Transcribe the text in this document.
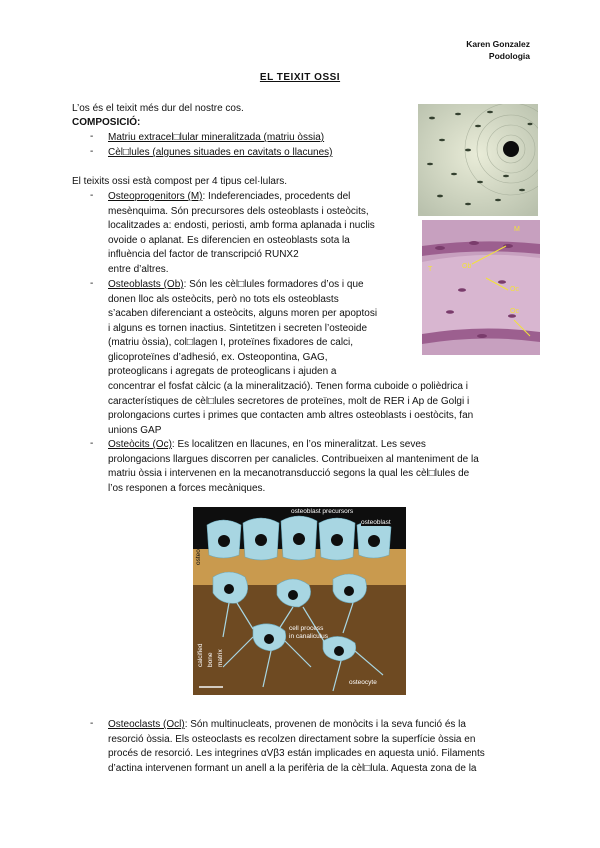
Karen Gonzalez
Podologia
EL TEIXIT OSSI
L’os és el teixit més dur del nostre cos.
COMPOSICIÓ:
- Matriu extracel□lular mineralitzada (matriu òssia)
- Cèl□lules (algunes situades en cavitats o llacunes)
El teixits ossi està compost per 4 tipus cel·lulars.
- Osteoprogenitors (M): Indeferenciades, procedents del
mesènquima. Són precursores dels osteoblasts i osteòcits,
localitzades a: endosti, periosti, amb forma aplanada i nuclis
ovoide o aplanat. Es diferencien en osteoblasts sota la
influència del factor de transcripció RUNX2
entre d’altres.
- Osteoblasts (Ob): Són les cèl□lules formadores d’os i que
donen lloc als osteòcits, però no tots els osteoblasts
s’acaben diferenciant a osteòcits, alguns moren per apoptosi
i alguns es tornen inactius. Sintetitzen i secreten l’osteoide
(matriu òssia), col□lagen I, proteïnes fixadores de calci,
glicoproteïnes d’adhesió, ex. Osteopontina, GAG,
proteoglicans i agregats de proteoglicans i ajuden a
concentrar el fosfat càlcic (a la mineralització). Tenen forma cuboide o polièdrica i
característiques de cèl□lules secretores de proteïnes, molt de RER i Ap de Golgi i
prolongacions curtes i primes que contacten amb altres osteoblasts i oestòcits, fan
unions GAP
- Osteòcits (Oc): Es localitzen en llacunes, en l’os mineralitzat. Les seves
prolongacions llargues discorren per canalicles. Contribueixen al manteniment de la
matriu òssia i intervenen en la mecanotransducció segons la qual les cèl□lules de
l’os responen a forces mecàniques.
- Osteoclasts (Ocl): Són multinucleats, provenen de monòcits i la seva funció és la
resorció òssia. Els osteoclasts es recolzen directament sobre la superfície òssia en
procés de resorció. Les integrines αVβ3 están implicades en aquesta unió. Filaments
d’actina intervenen formant un anell a la perifèria de la cèl□lula. Aquesta zona de la
M
Ob
Oc
Oc
T
osteoblast precursors
osteoblast
osteoid
calcified bone matrix
cell process
in canaliculus
osteocyte
